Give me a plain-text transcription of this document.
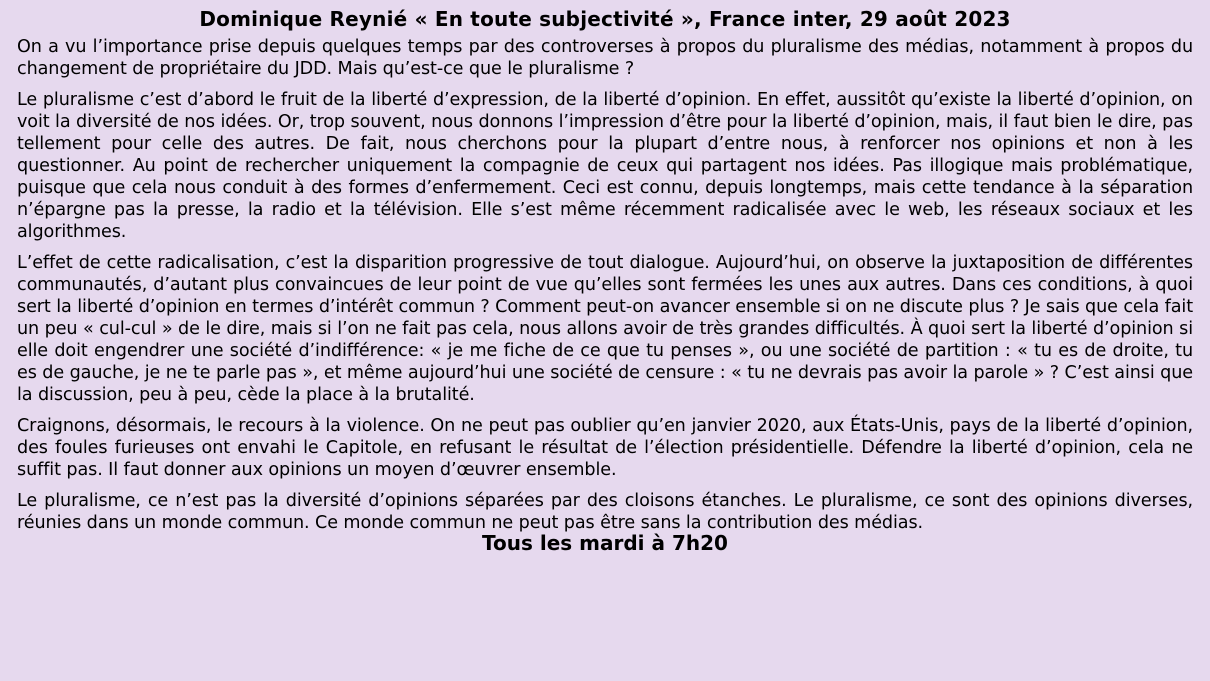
Dominique Reynié « En toute subjectivité », France inter, 29 août 2023

On a vu l’importance prise depuis quelques temps par des controverses à propos du pluralisme des médias, notamment à propos du changement de propriétaire du JDD. Mais qu’est-ce que le pluralisme ?

Le pluralisme c’est d’abord le fruit de la liberté d’expression, de la liberté d’opinion. En effet, aussitôt qu’existe la liberté d’opinion, on voit la diversité de nos idées. Or, trop souvent, nous donnons l’impression d’être pour la liberté d’opinion, mais, il faut bien le dire, pas tellement pour celle des autres. De fait, nous cherchons pour la plupart d’entre nous, à renforcer nos opinions et non à les questionner. Au point de rechercher uniquement la compagnie de ceux qui partagent nos idées. Pas illogique mais problématique, puisque que cela nous conduit à des formes d’enfermement. Ceci est connu, depuis longtemps, mais cette tendance à la séparation n’épargne pas la presse, la radio et la télévision. Elle s’est même récemment radicalisée avec le web, les réseaux sociaux et les algorithmes.

L’effet de cette radicalisation, c’est la disparition progressive de tout dialogue. Aujourd’hui, on observe la juxtaposition de différentes communautés, d’autant plus convaincues de leur point de vue qu’elles sont fermées les unes aux autres. Dans ces conditions, à quoi sert la liberté d’opinion en termes d’intérêt commun ? Comment peut-on avancer ensemble si on ne discute plus ? Je sais que cela fait un peu « cul-cul » de le dire, mais si l’on ne fait pas cela, nous allons avoir de très grandes difficultés. À quoi sert la liberté d’opinion si elle doit engendrer une société d’indifférence: « je me fiche de ce que tu penses », ou une société de partition : « tu es de droite, tu es de gauche, je ne te parle pas », et même aujourd’hui une société de censure : « tu ne devrais pas avoir la parole » ? C’est ainsi que la discussion, peu à peu, cède la place à la brutalité.

Craignons, désormais, le recours à la violence. On ne peut pas oublier qu’en janvier 2020, aux États-Unis, pays de la liberté d’opinion, des foules furieuses ont envahi le Capitole, en refusant le résultat de l’élection présidentielle. Défendre la liberté d’opinion, cela ne suffit pas. Il faut donner aux opinions un moyen d’œuvrer ensemble.

Le pluralisme, ce n’est pas la diversité d’opinions séparées par des cloisons étanches. Le pluralisme, ce sont des opinions diverses, réunies dans un monde commun. Ce monde commun ne peut pas être sans la contribution des médias.

Tous les mardi à 7h20
